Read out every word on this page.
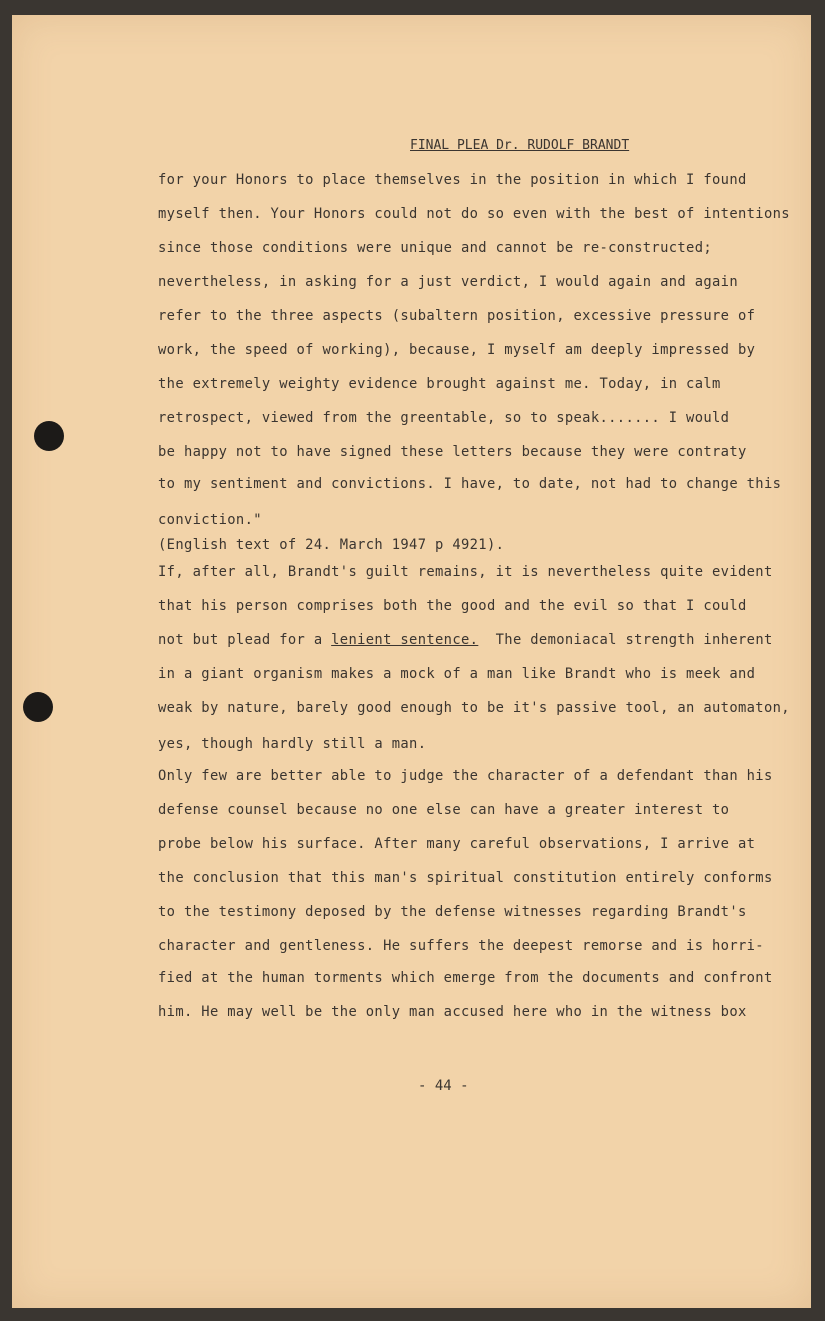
FINAL PLEA Dr. RUDOLF BRANDT
for your Honors to place themselves in the position in which I found
myself then. Your Honors could not do so even with the best of intentions
since those conditions were unique and cannot be re-constructed;
nevertheless, in asking for a just verdict, I would again and again
refer to the three aspects (subaltern position, excessive pressure of
work, the speed of working), because, I myself am deeply impressed by
the extremely weighty evidence brought against me. Today, in calm
retrospect, viewed from the greentable, so to speak....... I would
be happy not to have signed these letters because they were contraty
to my sentiment and convictions. I have, to date, not had to change this
conviction."
(English text of 24. March 1947 p 4921).
If, after all, Brandt's guilt remains, it is nevertheless quite evident
that his person comprises both the good and the evil so that I could
not but plead for a lenient sentence. The demoniacal strength inherent
in a giant organism makes a mock of a man like Brandt who is meek and
weak by nature, barely good enough to be it's passive tool, an automaton,
yes, though hardly still a man.
Only few are better able to judge the character of a defendant than his
defense counsel because no one else can have a greater interest to
probe below his surface. After many careful observations, I arrive at
the conclusion that this man's spiritual constitution entirely conforms
to the testimony deposed by the defense witnesses regarding Brandt's
character and gentleness. He suffers the deepest remorse and is horri-
fied at the human torments which emerge from the documents and confront
him. He may well be the only man accused here who in the witness box
- 44 -
